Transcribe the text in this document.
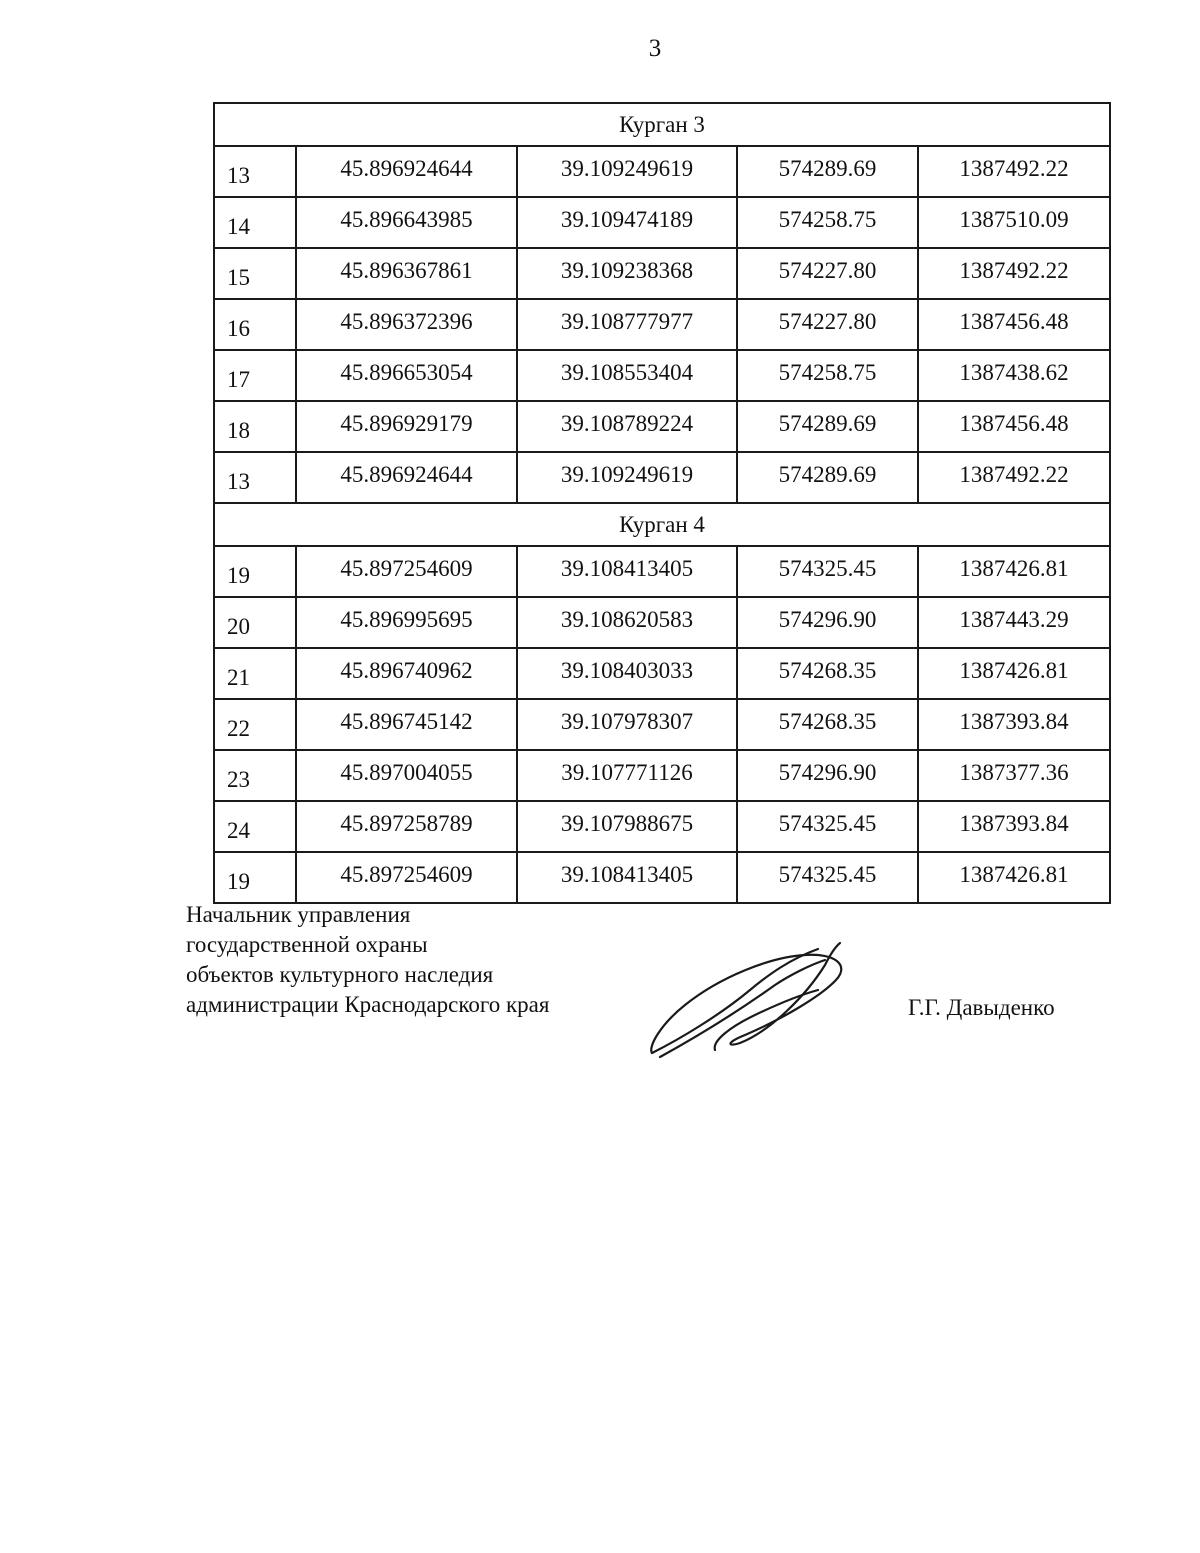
3
Курган 3				
13	45.896924644	39.109249619	574289.69	1387492.22
14	45.896643985	39.109474189	574258.75	1387510.09
15	45.896367861	39.109238368	574227.80	1387492.22
16	45.896372396	39.108777977	574227.80	1387456.48
17	45.896653054	39.108553404	574258.75	1387438.62
18	45.896929179	39.108789224	574289.69	1387456.48
13	45.896924644	39.109249619	574289.69	1387492.22
Курган 4				
19	45.897254609	39.108413405	574325.45	1387426.81
20	45.896995695	39.108620583	574296.90	1387443.29
21	45.896740962	39.108403033	574268.35	1387426.81
22	45.896745142	39.107978307	574268.35	1387393.84
23	45.897004055	39.107771126	574296.90	1387377.36
24	45.897258789	39.107988675	574325.45	1387393.84
19	45.897254609	39.108413405	574325.45	1387426.81
Начальник управления
государственной охраны
объектов культурного наследия
администрации Краснодарского края	Г.Г. Давыденко
